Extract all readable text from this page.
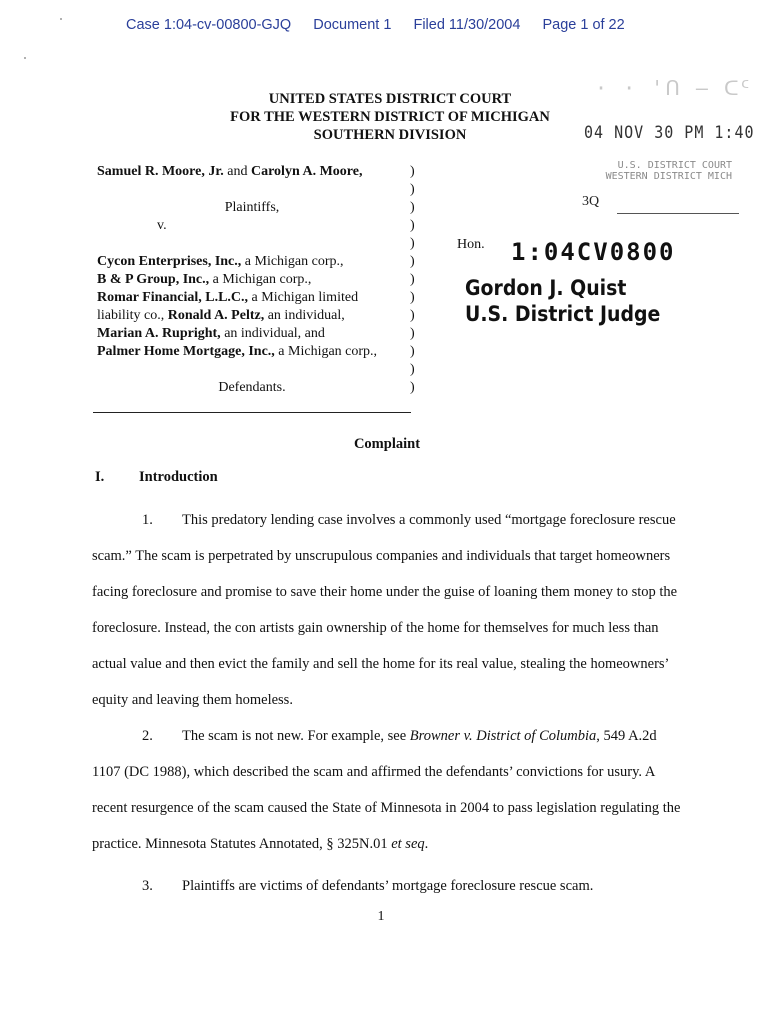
Case 1:04-cv-00800-GJQ Document 1 Filed 11/30/2004 Page 1 of 22
UNITED STATES DISTRICT COURT
FOR THE WESTERN DISTRICT OF MICHIGAN
SOUTHERN DIVISION
· · 'ᑎ – ᑕᑦ
04 NOV 30 PM 1:40
U.S. DISTRICT COURT
WESTERN DISTRICT MICH
3Q

Samuel R. Moore, Jr. and Carolyn A. Moore,

Plaintiffs,

v.

Cycon Enterprises, Inc., a Michigan corp.,

B & P Group, Inc., a Michigan corp.,

Romar Financial, L.L.C., a Michigan limited

liability co., Ronald A. Peltz, an individual,

Marian A. Rupright, an individual, and

Palmer Home Mortgage, Inc., a Michigan corp.,

Defendants.

)
)
)
)
)
)
)
)
)
)
)
)
)
Hon. 1:04CV0800
Gordon J. Quist
U.S. District Judge
Complaint
I. Introduction

1. This predatory lending case involves a commonly used “mortgage foreclosure rescue scam.” The scam is perpetrated by unscrupulous companies and individuals that target homeowners facing foreclosure and promise to save their home under the guise of loaning them money to stop the foreclosure. Instead, the con artists gain ownership of the home for themselves for much less than actual value and then evict the family and sell the home for its real value, stealing the homeowners’ equity and leaving them homeless.

2. The scam is not new. For example, see Browner v. District of Columbia, 549 A.2d 1107 (DC 1988), which described the scam and affirmed the defendants’ convictions for usury. A recent resurgence of the scam caused the State of Minnesota in 2004 to pass legislation regulating the practice. Minnesota Statutes Annotated, § 325N.01 et seq.

3. Plaintiffs are victims of defendants’ mortgage foreclosure rescue scam.

1
